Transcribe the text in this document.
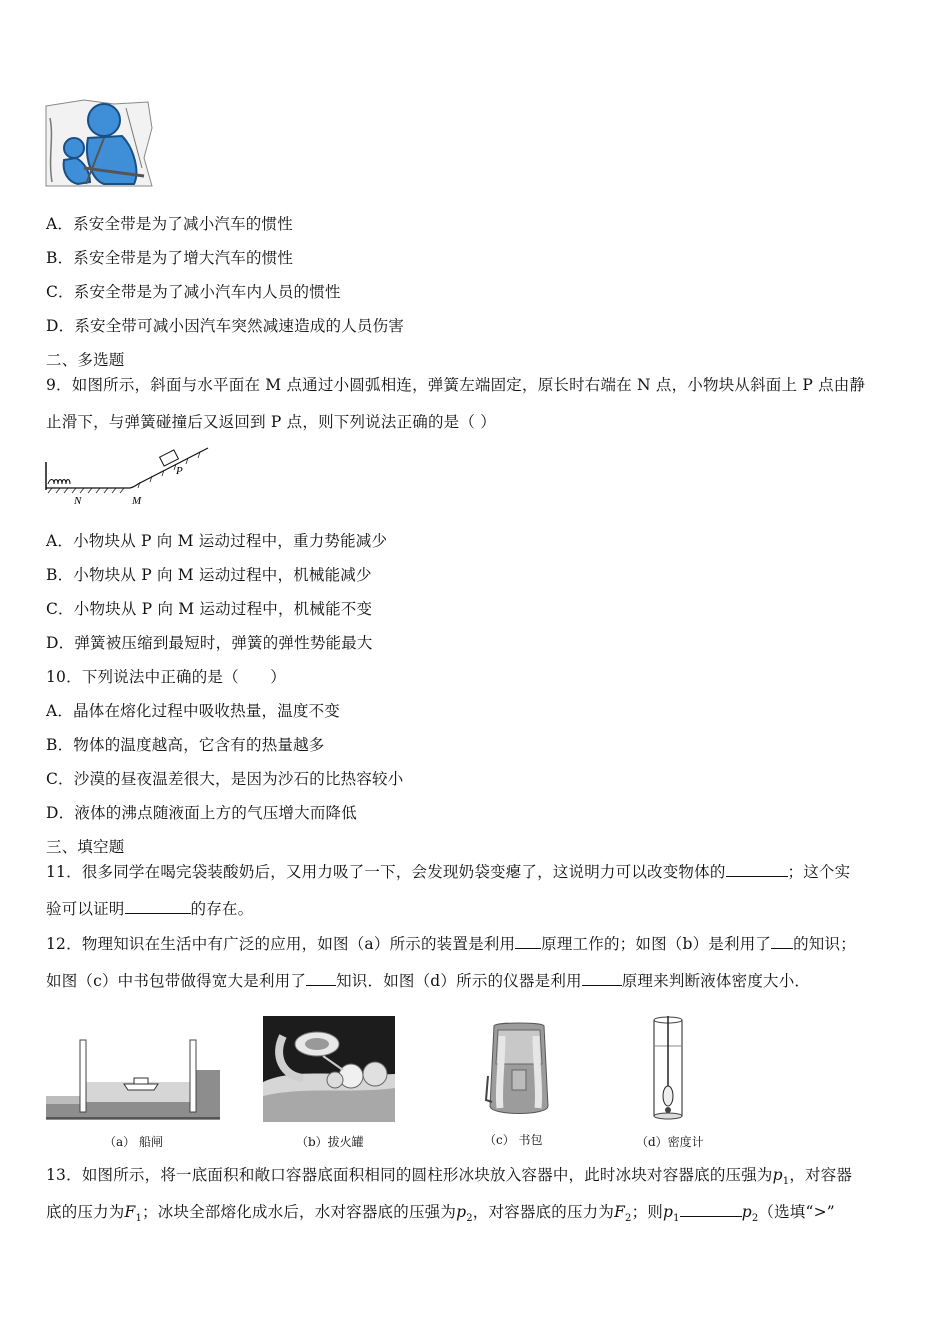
A．系安全带是为了减小汽车的惯性
B．系安全带是为了增大汽车的惯性
C．系安全带是为了减小汽车内人员的惯性
D．系安全带可减小因汽车突然减速造成的人员伤害
二、多选题
9．如图所示，斜面与水平面在 M 点通过小圆弧相连，弹簧左端固定，原长时右端在 N 点，小物块从斜面上 P 点由静
止滑下，与弹簧碰撞后又返回到 P 点，则下列说法正确的是（ ）
N	M
P
A．小物块从 P 向 M 运动过程中，重力势能减少
B．小物块从 P 向 M 运动过程中，机械能减少
C．小物块从 P 向 M 运动过程中，机械能不变
D．弹簧被压缩到最短时，弹簧的弹性势能最大
10．下列说法中正确的是（　　）
A．晶体在熔化过程中吸收热量，温度不变
B．物体的温度越高，它含有的热量越多
C．沙漠的昼夜温差很大，是因为沙石的比热容较小
D．液体的沸点随液面上方的气压增大而降低
三、填空题
11．很多同学在喝完袋装酸奶后，又用力吸了一下，会发现奶袋变瘪了，这说明力可以改变物体的	；这个实
验可以证明	的存在。
12．物理知识在生活中有广泛的应用，如图（a）所示的装置是利用 原理工作的；如图（b）是利用了 的知识；
如图（c）中书包带做得宽大是利用了 知识．如图（d）所示的仪器是利用	原理来判断液体密度大小．
（a） 船闸	（b）拔火罐	（c） 书包	（d）密度计
13．如图所示，将一底面积和敞口容器底面积相同的圆柱形冰块放入容器中，此时冰块对容器底的压强为$p_1$，对容器
底的压力为$F_1$；冰块全部熔化成水后，水对容器底的压强为$p_2$，对容器底的压力为$F_2$；则$p_1$	$p_2$（选填“>”
